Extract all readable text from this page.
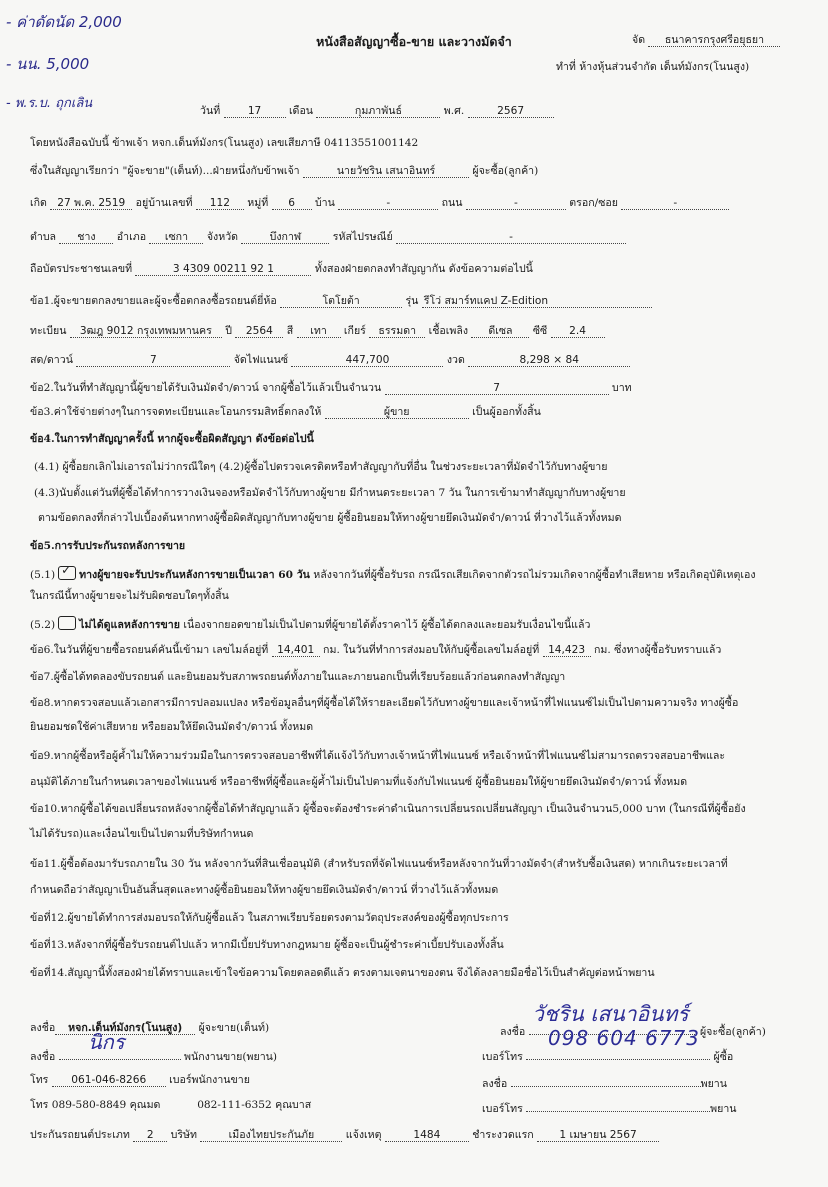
- ค่าดัดนัด 2,000
- นน. 5,000
- พ.ร.บ. ถุกเลิน
หนังสือสัญญาซื้อ-ขาย และวางมัดจำ	จัด ธนาคารกรุงศรีอยุธยา
ทำที่ ห้างหุ้นส่วนจำกัด เด็นท์มังกร(โนนสูง)
วันที่	17	เดือน	กุมภาพันธ์	พ.ศ.	2567
โดยหนังสือฉบับนี้ ข้าพเจ้า หจก.เด็นท์มังกร(โนนสูง) เลขเสียภาษี 04113551001142
ซึ่งในสัญญาเรียกว่า "ผู้จะขาย"(เต็นท์)...ฝ่ายหนึ่งกับข้าพเจ้า	นายวัชริน เสนาอินทร์	ผู้จะซื้อ(ลูกค้า)
เกิด 27 พ.ค. 2519 อยู่บ้านเลขที่ 112 หมู่ที่ 6 บ้าน	-	ถนน	-	ตรอก/ซอย	-
ตำบล ชาง อำเภอ เซกา จังหวัด	บึงกาฬ	รหัสไปรษณีย์	-
ถือบัตรประชาชนเลขที่	3 4309 00211 92 1	ทั้งสองฝ่ายตกลงทำสัญญากัน ดังข้อความต่อไปนี้
ข้อ1.ผู้จะขายตกลงขายและผู้จะซื้อตกลงซื้อรถยนต์ยี่ห้อ	โตโยต้า	รุ่น รีโว่ สมาร์ทแคป Z-Edition
ทะเบียน 3ฒฎ 9012 กรุงเทพมหานคร ปี 2564 สี เทา เกียร์ ธรรมดา เชื้อเพลิง ดีเซล ซีซี 2.4
สด/ดาวน์	7	จัดไฟแนนซ์	447,700	งวด	8,298 × 84
ข้อ2.ในวันที่ทำสัญญานี้ผู้ขายได้รับเงินมัดจำ/ดาวน์ จากผู้ซื้อไว้แล้วเป็นจำนวน	7	บาท
ข้อ3.ค่าใช้จ่ายต่างๆในการจดทะเบียนและโอนกรรมสิทธิ์ตกลงให้	ผู้ขาย	เป็นผู้ออกทั้งสิ้น
ข้อ4.ในการทำสัญญาครั้งนี้ หากผู้จะซื้อผิดสัญญา ดังข้อต่อไปนี้
(4.1) ผู้ซื้อยกเลิกไม่เอารถไม่ว่ากรณีใดๆ (4.2)ผู้ซื้อไปตรวจเครดิตหรือทำสัญญากับที่อื่น ในช่วงระยะเวลาที่มัดจำไว้กับทางผู้ขาย
(4.3)นับตั้งแต่วันที่ผู้ซื้อได้ทำการวางเงินจองหรือมัดจำไว้กับทางผู้ขาย มีกำหนดระยะเวลา 7 วัน ในการเข้ามาทำสัญญากับทางผู้ขาย
ตามข้อตกลงที่กล่าวไปเบื้องต้นหากทางผู้ซื้อผิดสัญญากับทางผู้ขาย ผู้ซื้อยินยอมให้ทางผู้ขายยึดเงินมัดจำ/ดาวน์ ที่วางไว้แล้วทั้งหมด
ข้อ5.การรับประกันรถหลังการขาย
(5.1) ✓ ทางผู้ขายจะรับประกันหลังการขายเป็นเวลา 60 วัน หลังจากวันที่ผู้ซื้อรับรถ กรณีรถเสียเกิดจากตัวรถไม่รวมเกิดจากผู้ซื้อทำเสียหาย หรือเกิดอุบัติเหตุเอง
ในกรณีนี้ทางผู้ขายจะไม่รับผิดชอบใดๆทั้งสิ้น
(5.2) ไม่ได้ดูแลหลังการขาย เนื่องจากยอดขายไม่เป็นไปตามที่ผู้ขายได้ตั้งราคาไว้ ผู้ซื้อได้ตกลงและยอมรับเงื่อนไขนี้แล้ว
ข้อ6.ในวันที่ผู้ขายซื้อรถยนต์คันนี้เข้ามา เลขไมล์อยู่ที่ 14,401 กม. ในวันที่ทำการส่งมอบให้กับผู้ซื้อเลขไมล์อยู่ที่ 14,423 กม. ซึ่งทางผู้ซื้อรับทราบแล้ว
ข้อ7.ผู้ซื้อได้ทดลองขับรถยนต์ และยินยอมรับสภาพรถยนต์ทั้งภายในและภายนอกเป็นที่เรียบร้อยแล้วก่อนตกลงทำสัญญา
ข้อ8.หากตรวจสอบแล้วเอกสารมีการปลอมแปลง หรือข้อมูลอื่นๆที่ผู้ซื้อได้ให้รายละเอียดไว้กับทางผู้ขายและเจ้าหน้าที่ไฟแนนซ์ไม่เป็นไปตามความจริง ทางผู้ซื้อ
ยินยอมชดใช้ค่าเสียหาย หรือยอมให้ยึดเงินมัดจำ/ดาวน์ ทั้งหมด
ข้อ9.หากผู้ซื้อหรือผู้ค้ำไม่ให้ความร่วมมือในการตรวจสอบอาชีพที่ได้แจ้งไว้กับทางเจ้าหน้าที่ไฟแนนซ์ หรือเจ้าหน้าที่ไฟแนนซ์ไม่สามารถตรวจสอบอาชีพและ
อนุมัติได้ภายในกำหนดเวลาของไฟแนนซ์ หรืออาชีพที่ผู้ซื้อและผู้ค้ำไม่เป็นไปตามที่แจ้งกับไฟแนนซ์ ผู้ซื้อยินยอมให้ผู้ขายยึดเงินมัดจำ/ดาวน์ ทั้งหมด
ข้อ10.หากผู้ซื้อได้ขอเปลี่ยนรถหลังจากผู้ซื้อได้ทำสัญญาแล้ว ผู้ซื้อจะต้องชำระค่าดำเนินการเปลี่ยนรถเปลี่ยนสัญญา เป็นเงินจำนวน5,000 บาท (ในกรณีที่ผู้ซื้อยัง
ไม่ได้รับรถ)และเงื่อนไขเป็นไปตามที่บริษัทกำหนด
ข้อ11.ผู้ซื้อต้องมารับรถภายใน 30 วัน หลังจากวันที่สินเชื่ออนุมัติ (สำหรับรถที่จัดไฟแนนซ์หรือหลังจากวันที่วางมัดจำ(สำหรับซื้อเงินสด) หากเกินระยะเวลาที่
กำหนดถือว่าสัญญาเป็นอันสิ้นสุดและทางผู้ซื้อยินยอมให้ทางผู้ขายยึดเงินมัดจำ/ดาวน์ ที่วางไว้แล้วทั้งหมด
ข้อที่12.ผู้ขายได้ทำการส่งมอบรถให้กับผู้ซื้อแล้ว ในสภาพเรียบร้อยตรงตามวัตถุประสงค์ของผู้ซื้อทุกประการ
ข้อที่13.หลังจากที่ผู้ซื้อรับรถยนต์ไปแล้ว หากมีเบี้ยปรับทางกฎหมาย ผู้ซื้อจะเป็นผู้ชำระค่าเบี้ยปรับเองทั้งสิ้น
ข้อที่14.สัญญานี้ทั้งสองฝ่ายได้ทราบและเข้าใจข้อความโดยตลอดดีแล้ว ตรงตามเจตนาของตน จึงได้ลงลายมือชื่อไว้เป็นสำคัญต่อหน้าพยาน
ลงชื่อ หจก.เด็นท์มังกร(โนนสูง) ผู้จะขาย(เต็นท์)	ลงชื่อ	ผู้จะซื้อ(ลูกค้า)
วัชริน เสนาอินทร์
ลงชื่อ	พนักงานขาย(พยาน)
นิกร
เบอร์โทร	ผู้ซื้อ
098 604 6773
โทร 061-046-8266 เบอร์พนักงานขาย	ลงชื่อ	พยาน
โทร 089-580-8849 คุณมด	082-111-6352 คุณบาส	เบอร์โทร	พยาน
ประกันรถยนต์ประเภท 2 บริษัท	เมืองไทยประกันภัย	แจ้งเหตุ	1484	ชำระงวดแรก 1 เมษายน 2567
